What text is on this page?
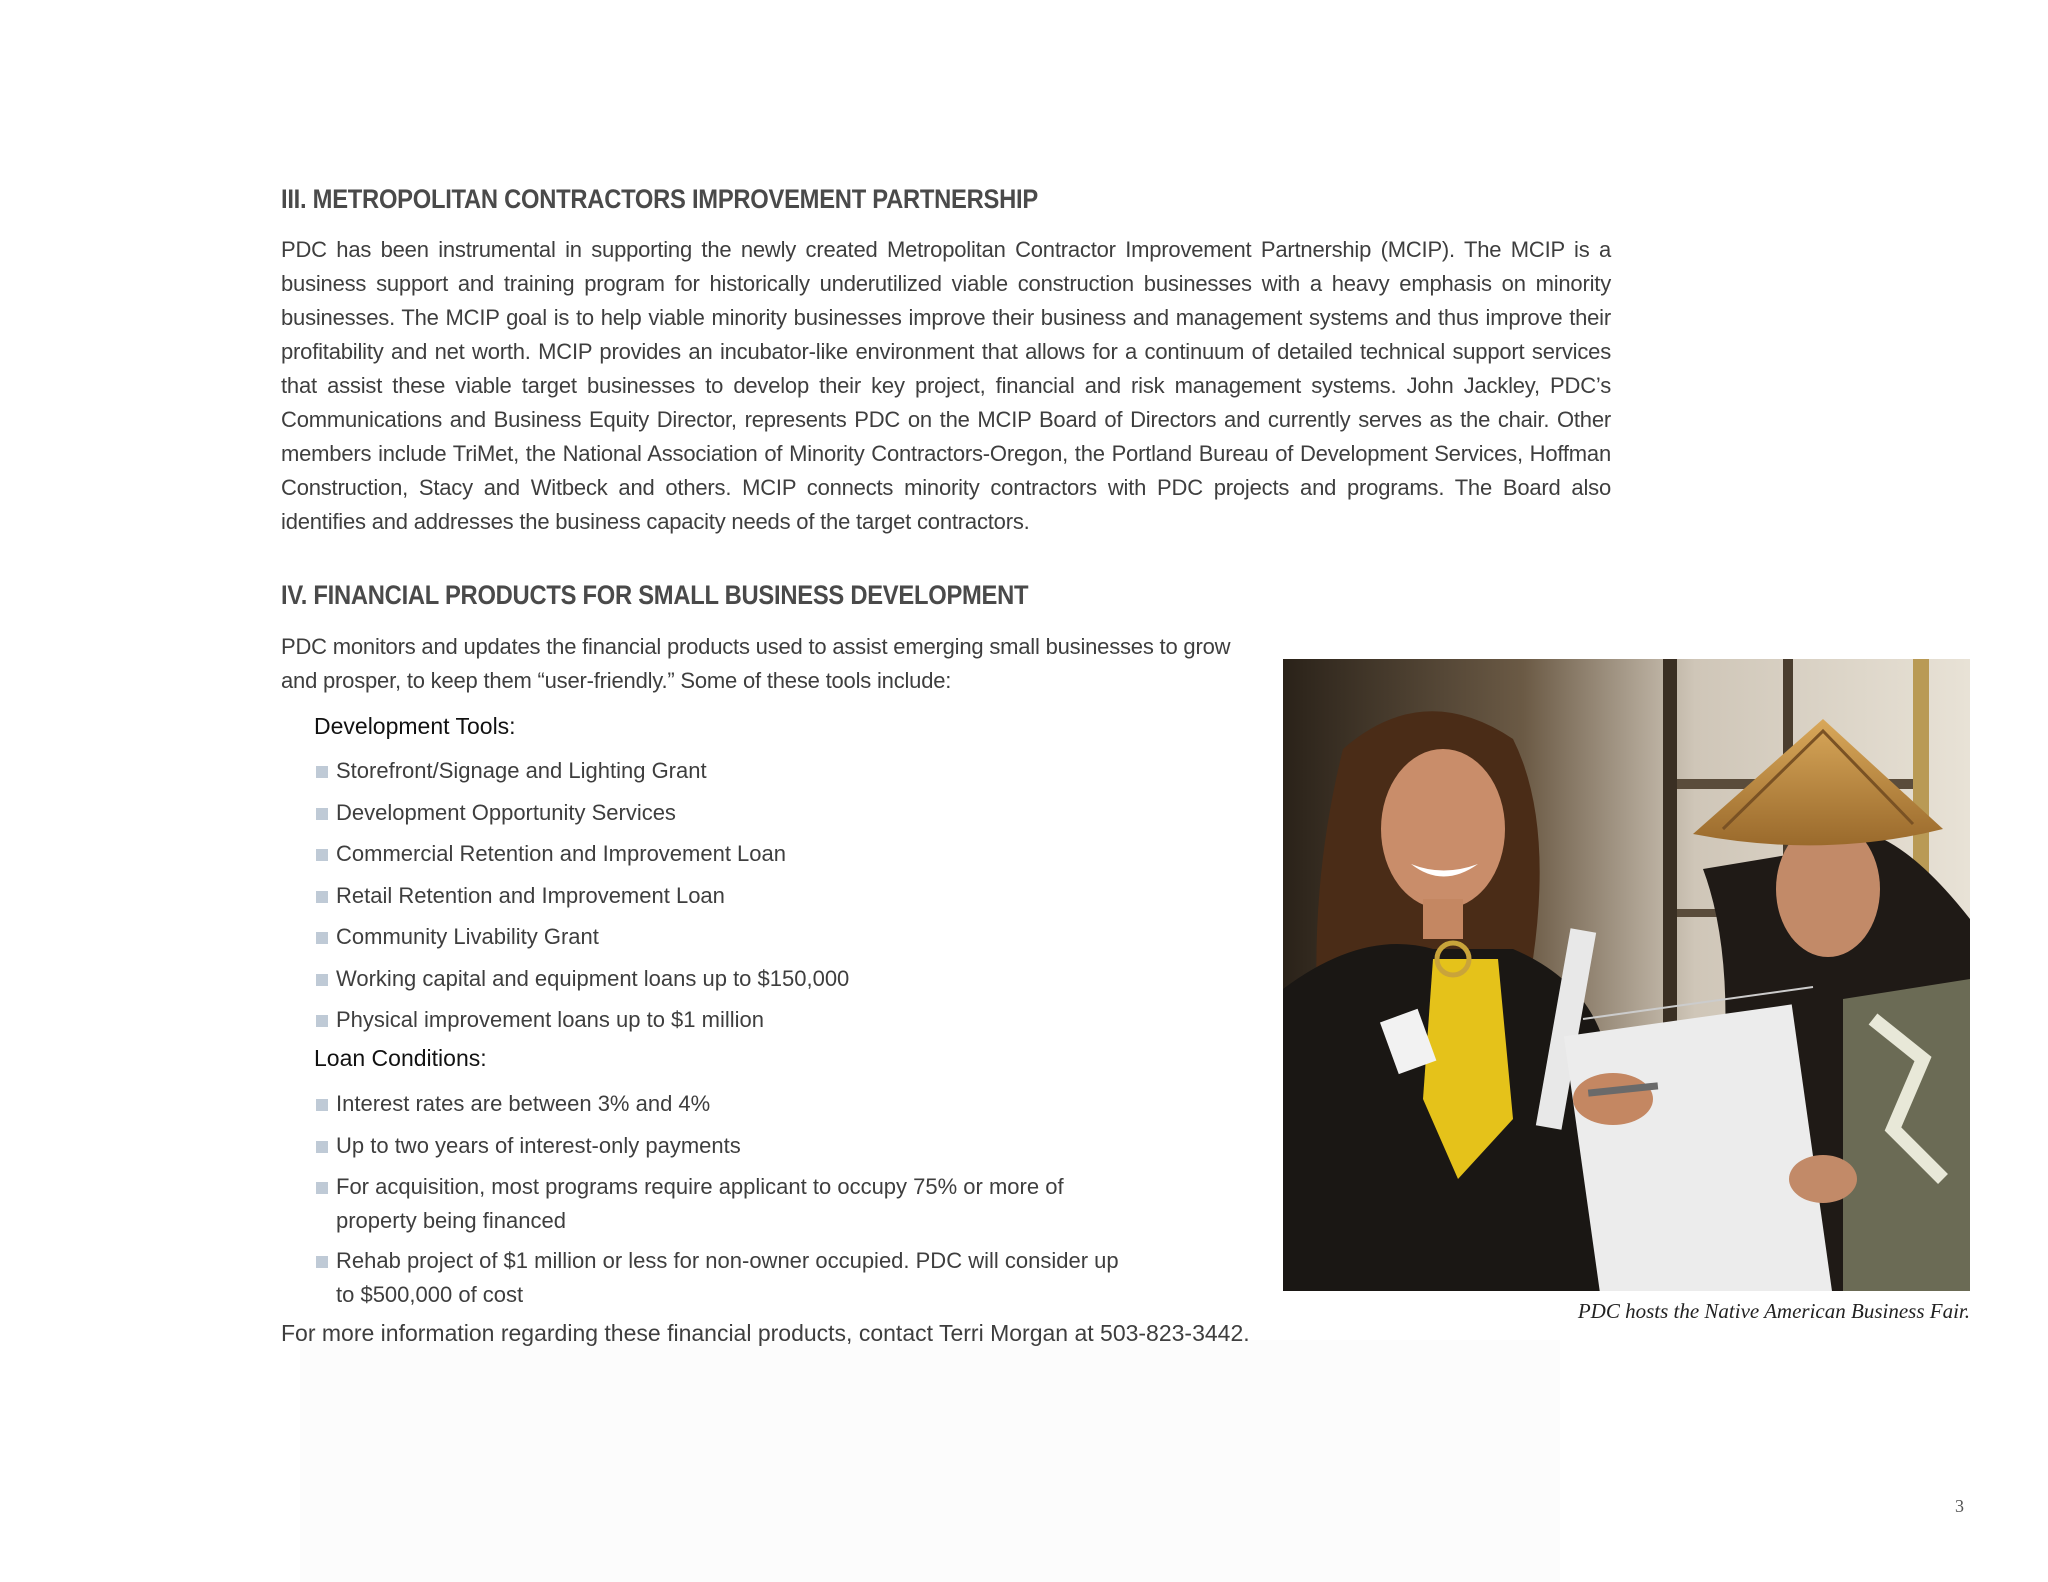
III. METROPOLITAN CONTRACTORS IMPROVEMENT PARTNERSHIP

PDC has been instrumental in supporting the newly created Metropolitan Contractor Improvement Partnership (MCIP). The MCIP is a business support and training program for historically underutilized viable construction businesses with a heavy emphasis on minority businesses. The MCIP goal is to help viable minority businesses improve their business and management systems and thus improve their profitability and net worth. MCIP provides an incubator-like environment that allows for a continuum of detailed technical support services that assist these viable target businesses to develop their key project, financial and risk management systems. John Jackley, PDC’s Communications and Business Equity Director, represents PDC on the MCIP Board of Directors and currently serves as the chair. Other members include TriMet, the National Association of Minority Contractors-Oregon, the Portland Bureau of Development Services, Hoffman Construction, Stacy and Witbeck and others. MCIP connects minority contractors with PDC projects and programs. The Board also identifies and addresses the business capacity needs of the target contractors.

IV. FINANCIAL PRODUCTS FOR SMALL BUSINESS DEVELOPMENT

PDC monitors and updates the financial products used to assist emerging small businesses to grow and prosper, to keep them “user-friendly.” Some of these tools include:

Development Tools:

Storefront/Signage and Lighting Grant
Development Opportunity Services
Commercial Retention and Improvement Loan
Retail Retention and Improvement Loan
Community Livability Grant
Working capital and equipment loans up to $150,000
Physical improvement loans up to $1 million

Loan Conditions:

Interest rates are between 3% and 4%
Up to two years of interest-only payments
For acquisition, most programs require applicant to occupy 75% or more of property being financed
Rehab project of $1 million or less for non-owner occupied. PDC will consider up to $500,000 of cost

For more information regarding these financial products, contact Terri Morgan at 503-823-3442.

PDC hosts the Native American Business Fair.

3
